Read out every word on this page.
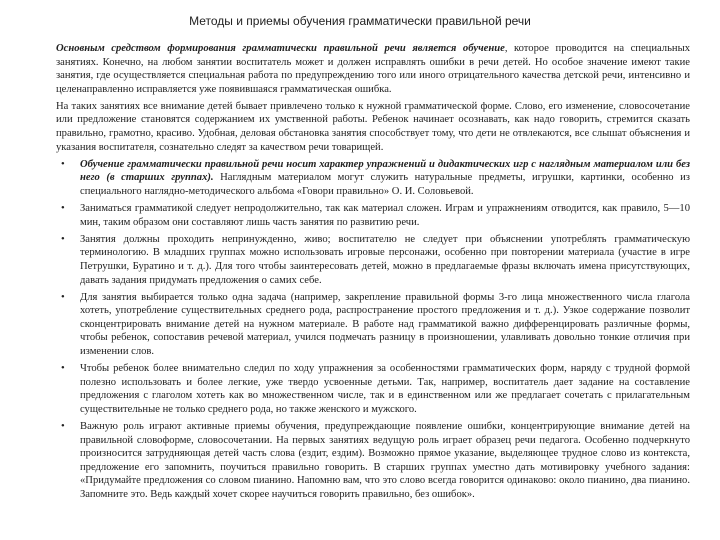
Методы и приемы обучения грамматически правильной речи

Основным средством формирования грамматически правильной речи является обучение, которое проводится на специальных занятиях. Конечно, на любом занятии воспитатель может и должен исправлять ошибки в речи детей. Но особое значение имеют такие занятия, где осуществляется специальная работа по предупреждению того или иного отрицательного качества детской речи, интенсивно и целенаправленно исправляется уже появившаяся грамматическая ошибка.

На таких занятиях все внимание детей бывает привлечено только к нужной грамматической форме. Слово, его изменение, словосочетание или предложение становятся содержанием их умственной работы. Ребенок начинает осознавать, как надо говорить, стремится сказать правильно, грамотно, красиво. Удобная, деловая обстановка занятия способствует тому, что дети не отвлекаются, все слышат объяснения и указания воспитателя, сознательно следят за качеством речи товарищей.

• Обучение грамматически правильной речи носит характер упражнений и дидактических игр с наглядным материалом или без него (в старших группах). Наглядным материалом могут служить натуральные предметы, игрушки, картинки, особенно из специального наглядно-методического альбома «Говори правильно» О. И. Соловьевой.
• Заниматься грамматикой следует непродолжительно, так как материал сложен. Играм и упражнениям отводится, как правило, 5—10 мин, таким образом они составляют лишь часть занятия по развитию речи.
• Занятия должны проходить непринужденно, живо; воспитателю не следует при объяснении употреблять грамматическую терминологию. В младших группах можно использовать игровые персонажи, особенно при повторении материала (участие в игре Петрушки, Буратино и т. д.). Для того чтобы заинтересовать детей, можно в предлагаемые фразы включать имена присутствующих, давать задания придумать предложения о самих себе.
• Для занятия выбирается только одна задача (например, закрепление правильной формы 3-го лица множественного числа глагола хотеть, употребление существительных среднего рода, распространение простого предложения и т. д.). Узкое содержание позволит сконцентрировать внимание детей на нужном материале. В работе над грамматикой важно дифференцировать различные формы, чтобы ребенок, сопоставив речевой материал, учился подмечать разницу в произношении, улавливать довольно тонкие отличия при изменении слов.
• Чтобы ребенок более внимательно следил по ходу упражнения за особенностями грамматических форм, наряду с трудной формой полезно использовать и более легкие, уже твердо усвоенные детьми. Так, например, воспитатель дает задание на составление предложения с глаголом хотеть как во множественном числе, так и в единственном или же предлагает сочетать с прилагательным существительные не только среднего рода, но также женского и мужского.
• Важную роль играют активные приемы обучения, предупреждающие появление ошибки, концентрирующие внимание детей на правильной словоформе, словосочетании. На первых занятиях ведущую роль играет образец речи педагога. Особенно подчеркнуто произносится затрудняющая детей часть слова (ездит, ездим). Возможно прямое указание, выделяющее трудное слово из контекста, предложение его запомнить, поучиться правильно говорить. В старших группах уместно дать мотивировку учебного задания: «Придумайте предложения со словом пианино. Напомню вам, что это слово всегда говорится одинаково: около пианино, два пианино. Запомните это. Ведь каждый хочет скорее научиться говорить правильно, без ошибок».
